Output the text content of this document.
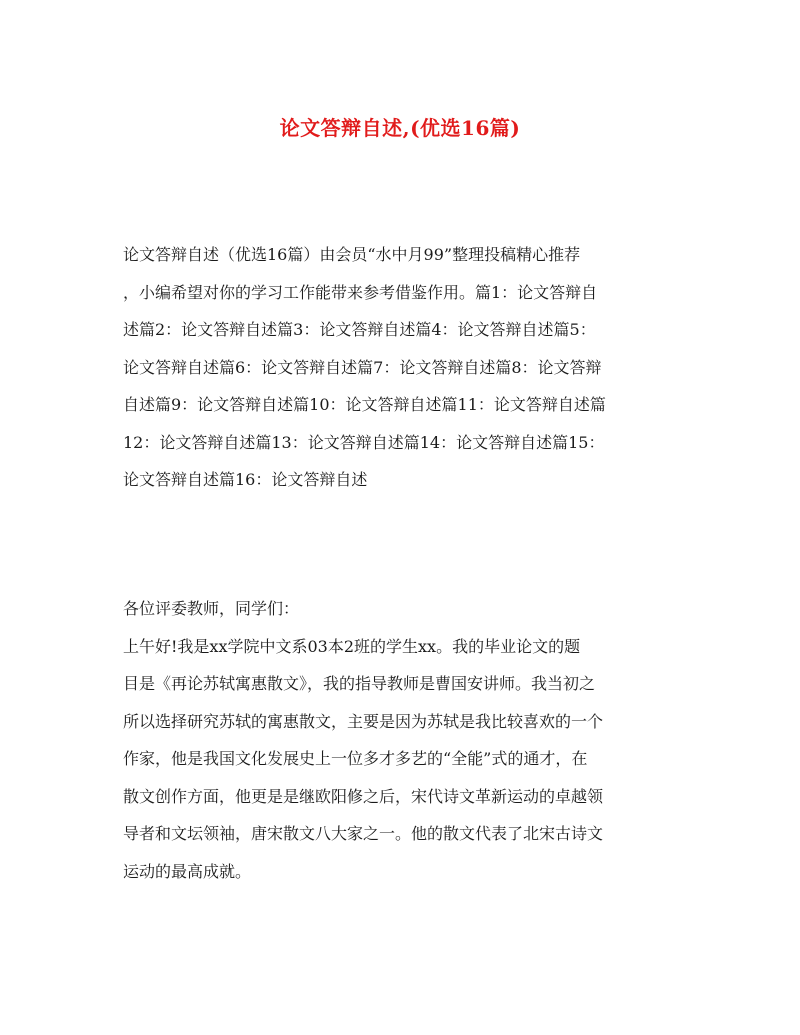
论文答辩自述,(优选16篇)
论文答辩自述（优选16篇）由会员“水中月99”整理投稿精心推荐
，小编希望对你的学习工作能带来参考借鉴作用。篇1：论文答辩自
述篇2：论文答辩自述篇3：论文答辩自述篇4：论文答辩自述篇5：
论文答辩自述篇6：论文答辩自述篇7：论文答辩自述篇8：论文答辩
自述篇9：论文答辩自述篇10：论文答辩自述篇11：论文答辩自述篇
12：论文答辩自述篇13：论文答辩自述篇14：论文答辩自述篇15：
论文答辩自述篇16：论文答辩自述
各位评委教师，同学们：
上午好!我是xx学院中文系03本2班的学生xx。我的毕业论文的题
目是《再论苏轼寓惠散文》，我的指导教师是曹国安讲师。我当初之
所以选择研究苏轼的寓惠散文，主要是因为苏轼是我比较喜欢的一个
作家，他是我国文化发展史上一位多才多艺的“全能”式的通才，在
散文创作方面，他更是是继欧阳修之后，宋代诗文革新运动的卓越领
导者和文坛领袖，唐宋散文八大家之一。他的散文代表了北宋古诗文
运动的最高成就。
